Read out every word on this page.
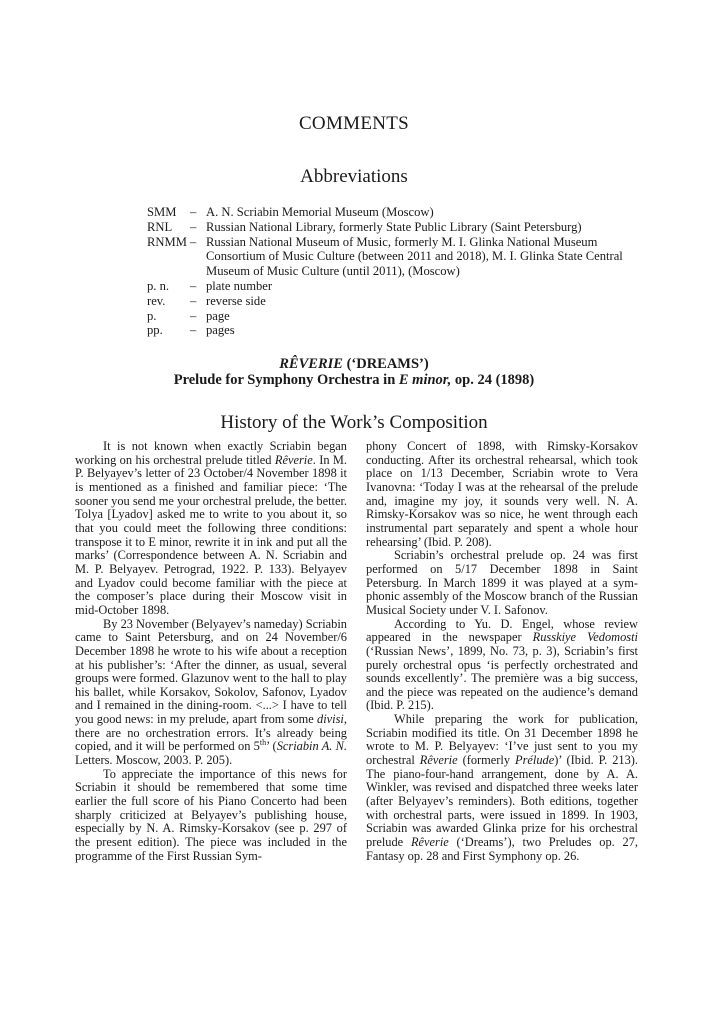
COMMENTS
Abbreviations
SMM	– A. N. Scriabin Memorial Museum (Moscow)
RNL	– Russian National Library, formerly State Public Library (Saint Petersburg)
RNMM – Russian National Museum of Music, formerly M. I. Glinka National Museum Consortium of Music Culture (between 2011 and 2018), M. I. Glinka State Central Museum of Music Culture (until 2011), (Moscow)
p. n.	– plate number
rev.	– reverse side
p.	– page
pp.	– pages
RÊVERIE (‘DREAMS’)
Prelude for Symphony Orchestra in E minor, op. 24 (1898)
History of the Work’s Composition

It is not known when exactly Scriabin began working on his orchestral prelude titled Rêverie. In M. P. Belyayev’s letter of 23 October/4 November 1898 it is mentioned as a finished and familiar piece: ‘The sooner you send me your orchestral prelude, the better. Tolya [Lyadov] asked me to write to you about it, so that you could meet the following three conditions: transpose it to E minor, rewrite it in ink and put all the marks’ (Correspondence between A. N. Scriabin and M. P. Belyayev. Petrograd, 1922. P. 133). Belyayev and Lyadov could become familiar with the piece at the composer’s place during their Moscow visit in mid-October 1898.

By 23 November (Belyayev’s nameday) Scriabin came to Saint Petersburg, and on 24 November/6 December 1898 he wrote to his wife about a reception at his publisher’s: ‘After the dinner, as usual, several groups were formed. Glazunov went to the hall to play his ballet, while Korsakov, Sokolov, Safonov, Lyadov and I remained in the dining-room. <...> I have to tell you good news: in my prelude, apart from some divisi, there are no orchestration errors. It’s already being copied, and it will be performed on 5th’ (Scriabin A. N. Letters. Moscow, 2003. P. 205).

To appreciate the importance of this news for Scriabin it should be remembered that some time earlier the full score of his Piano Concerto had been sharply criticized at Belyayev’s publishing house, especially by N. A. Rimsky-Korsakov (see p. 297 of the present edition). The piece was included in the programme of the First Russian Sym-

phony Concert of 1898, with Rimsky-Korsakov conducting. After its orchestral rehearsal, which took place on 1/13 December, Scriabin wrote to Vera Ivanovna: ‘Today I was at the rehearsal of the prelude and, imagine my joy, it sounds very well. N. A. Rimsky-Korsakov was so nice, he went through each instrumental part separately and spent a whole hour rehearsing’ (Ibid. P. 208).

Scriabin’s orchestral prelude op. 24 was first performed on 5/17 December 1898 in Saint Petersburg. In March 1899 it was played at a symphonic assembly of the Moscow branch of the Russian Musical Society under V. I. Safonov.

According to Yu. D. Engel, whose review appeared in the newspaper Russkiye Vedomosti (‘Russian News’, 1899, No. 73, p. 3), Scriabin’s first purely orchestral opus ‘is perfectly orchestrated and sounds excellently’. The première was a big success, and the piece was repeated on the audience’s demand (Ibid. P. 215).

While preparing the work for publication, Scriabin modified its title. On 31 December 1898 he wrote to M. P. Belyayev: ‘I’ve just sent to you my orchestral Rêverie (formerly Prélude)’ (Ibid. P. 213). The piano-four-hand arrangement, done by A. A. Winkler, was revised and dispatched three weeks later (after Belyayev’s reminders). Both editions, together with orchestral parts, were issued in 1899. In 1903, Scriabin was awarded Glinka prize for his orchestral prelude Rêverie (‘Dreams’), two Preludes op. 27, Fantasy op. 28 and First Symphony op. 26.
